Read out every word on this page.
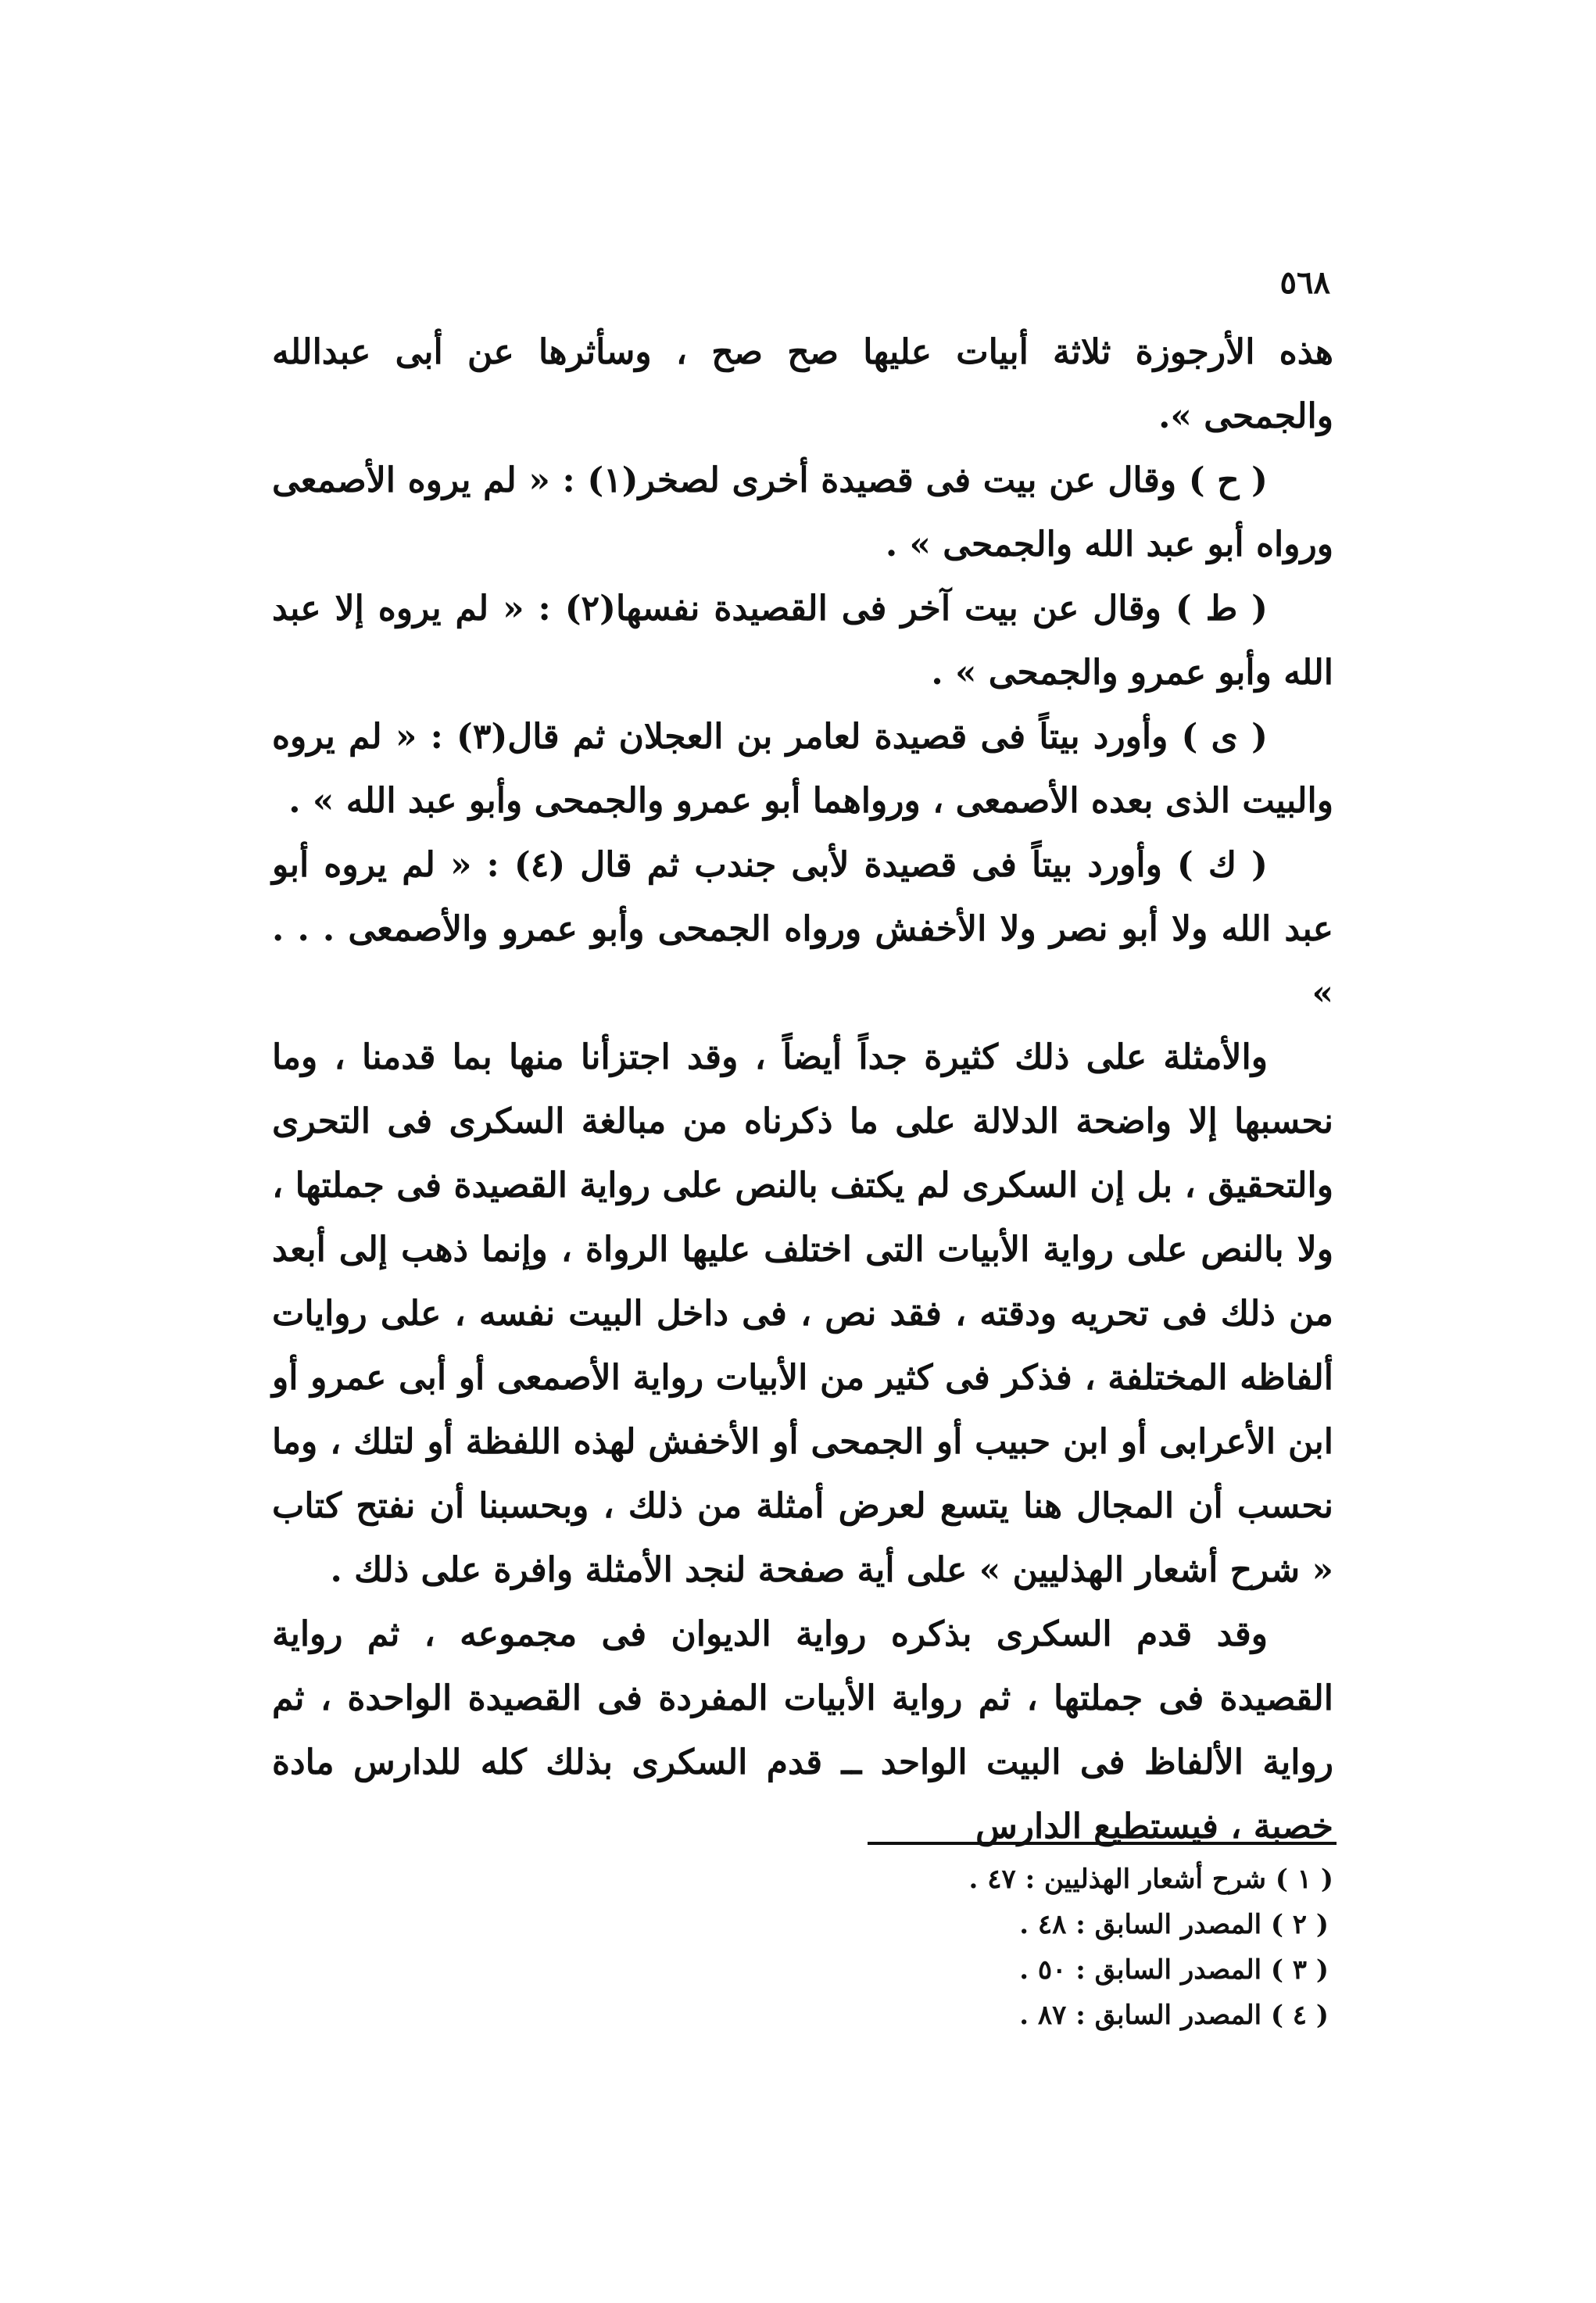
٥٦٨

هذه الأرجوزة ثلاثة أبيات عليها صح صح ، وسأثرها عن أبى عبدالله والجمحى ».

( ح ) وقال عن بيت فى قصيدة أخرى لصخر(١) : « لم يروه الأصمعى ورواه أبو عبد الله والجمحى » .

( ط ) وقال عن بيت آخر فى القصيدة نفسها(٢) : « لم يروه إلا عبد الله وأبو عمرو والجمحى » .

( ى ) وأورد بيتاً فى قصيدة لعامر بن العجلان ثم قال(٣) : « لم يروه والبيت الذى بعده الأصمعى ، ورواهما أبو عمرو والجمحى وأبو عبد الله » .

( ك ) وأورد بيتاً فى قصيدة لأبى جندب ثم قال (٤) : « لم يروه أبو عبد الله ولا أبو نصر ولا الأخفش ورواه الجمحى وأبو عمرو والأصمعى . . . »

والأمثلة على ذلك كثيرة جداً أيضاً ، وقد اجتزأنا منها بما قدمنا ، وما نحسبها إلا واضحة الدلالة على ما ذكرناه من مبالغة السكرى فى التحرى والتحقيق ، بل إن السكرى لم يكتف بالنص على رواية القصيدة فى جملتها ، ولا بالنص على رواية الأبيات التى اختلف عليها الرواة ، وإنما ذهب إلى أبعد من ذلك فى تحريه ودقته ، فقد نص ، فى داخل البيت نفسه ، على روايات ألفاظه المختلفة ، فذكر فى كثير من الأبيات رواية الأصمعى أو أبى عمرو أو ابن الأعرابى أو ابن حبيب أو الجمحى أو الأخفش لهذه اللفظة أو لتلك ، وما نحسب أن المجال هنا يتسع لعرض أمثلة من ذلك ، وبحسبنا أن نفتح كتاب « شرح أشعار الهذليين » على أية صفحة لنجد الأمثلة وافرة على ذلك .

وقد قدم السكرى بذكره رواية الديوان فى مجموعه ، ثم رواية القصيدة فى جملتها ، ثم رواية الأبيات المفردة فى القصيدة الواحدة ، ثم رواية الألفاظ فى البيت الواحد ــ قدم السكرى بذلك كله للدارس مادة خصبة ، فيستطيع الدارس

( ١ ) شرح أشعار الهذليين : ٤٧ .
( ٢ ) المصدر السابق : ٤٨ .
( ٣ ) المصدر السابق : ٥٠ .
( ٤ ) المصدر السابق : ٨٧ .
